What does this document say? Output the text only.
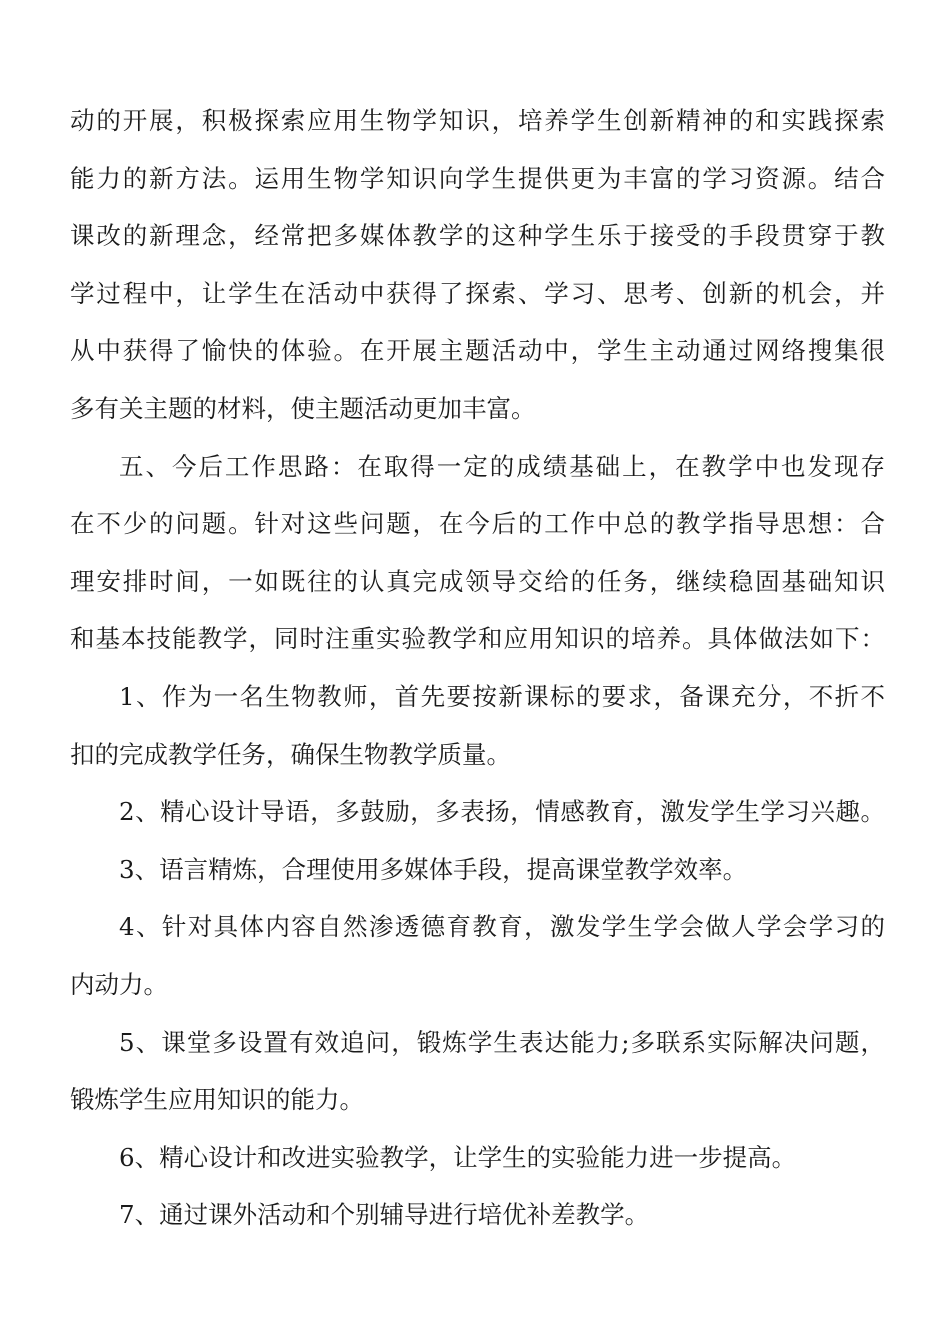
动的开展，积极探索应用生物学知识，培养学生创新精神的和实践探索
能力的新方法。运用生物学知识向学生提供更为丰富的学习资源。结合
课改的新理念，经常把多媒体教学的这种学生乐于接受的手段贯穿于教
学过程中，让学生在活动中获得了探索、学习、思考、创新的机会，并
从中获得了愉快的体验。在开展主题活动中，学生主动通过网络搜集很
多有关主题的材料，使主题活动更加丰富。
五、今后工作思路：在取得一定的成绩基础上，在教学中也发现存
在不少的问题。针对这些问题，在今后的工作中总的教学指导思想：合
理安排时间，一如既往的认真完成领导交给的任务，继续稳固基础知识
和基本技能教学，同时注重实验教学和应用知识的培养。具体做法如下：
1、作为一名生物教师，首先要按新课标的要求，备课充分，不折不
扣的完成教学任务，确保生物教学质量。
2、精心设计导语，多鼓励，多表扬，情感教育，激发学生学习兴趣。
3、语言精炼，合理使用多媒体手段，提高课堂教学效率。
4、针对具体内容自然渗透德育教育，激发学生学会做人学会学习的
内动力。
5、课堂多设置有效追问，锻炼学生表达能力;多联系实际解决问题，
锻炼学生应用知识的能力。
6、精心设计和改进实验教学，让学生的实验能力进一步提高。
7、通过课外活动和个别辅导进行培优补差教学。
